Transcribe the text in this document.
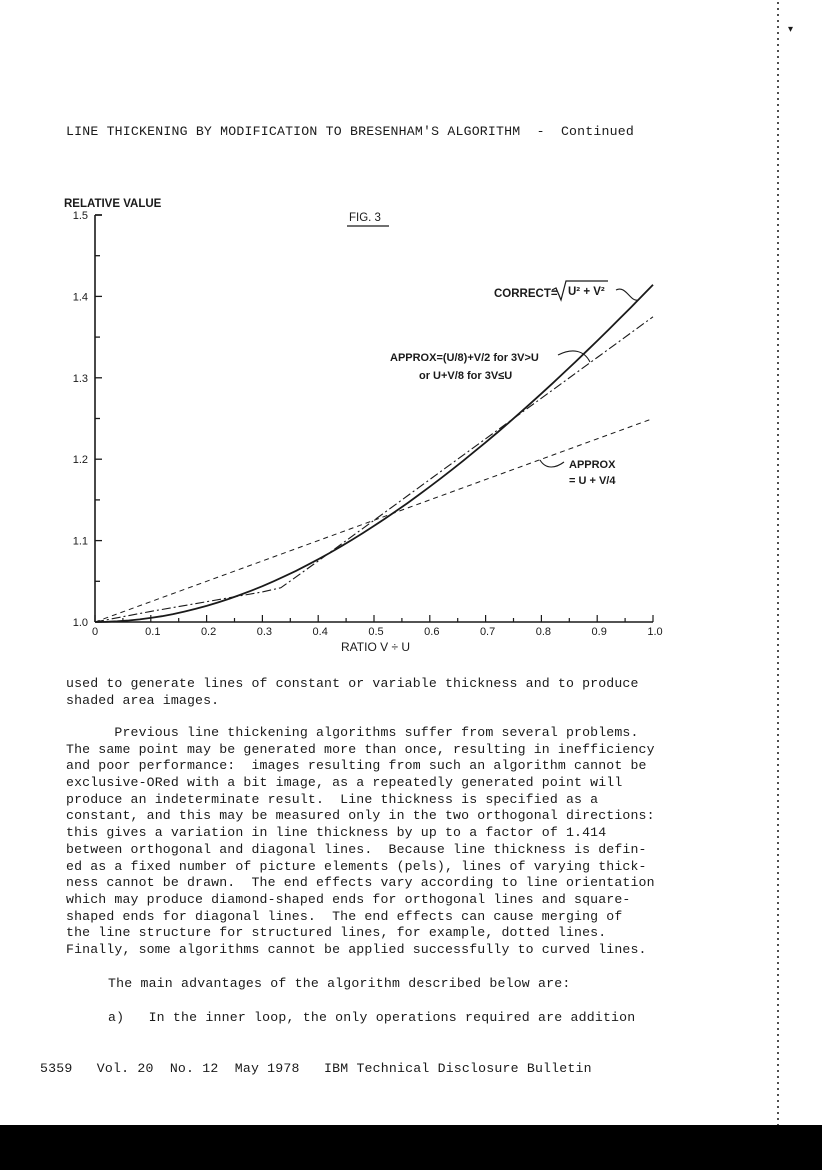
LINE THICKENING BY MODIFICATION TO BRESENHAM'S ALGORITHM  -  Continued
1.0
1.1
1.2
1.3
1.4
1.5
0	0.1	0.2	0.3	0.4	0.5	0.6	0.7	0.8	0.9	1.0
RELATIVE VALUE
FIG. 3
RATIO V ÷ U
CORRECT= U² + V²
APPROX=(U/8)+V/2 for 3V>U
or U+V/8 for 3V≤U
APPROX
= U + V/4
used to generate lines of constant or variable thickness and to produce
shaded area images.
Previous line thickening algorithms suffer from several problems.
The same point may be generated more than once, resulting in inefficiency
and poor performance:  images resulting from such an algorithm cannot be
exclusive-ORed with a bit image, as a repeatedly generated point will
produce an indeterminate result.  Line thickness is specified as a
constant, and this may be measured only in the two orthogonal directions:
this gives a variation in line thickness by up to a factor of 1.414
between orthogonal and diagonal lines.  Because line thickness is defin-
ed as a fixed number of picture elements (pels), lines of varying thick-
ness cannot be drawn.  The end effects vary according to line orientation
which may produce diamond-shaped ends for orthogonal lines and square-
shaped ends for diagonal lines.  The end effects can cause merging of
the line structure for structured lines, for example, dotted lines.
Finally, some algorithms cannot be applied successfully to curved lines.
The main advantages of the algorithm described below are:
a)   In the inner loop, the only operations required are addition
5359   Vol. 20  No. 12  May 1978   IBM Technical Disclosure Bulletin
▾
